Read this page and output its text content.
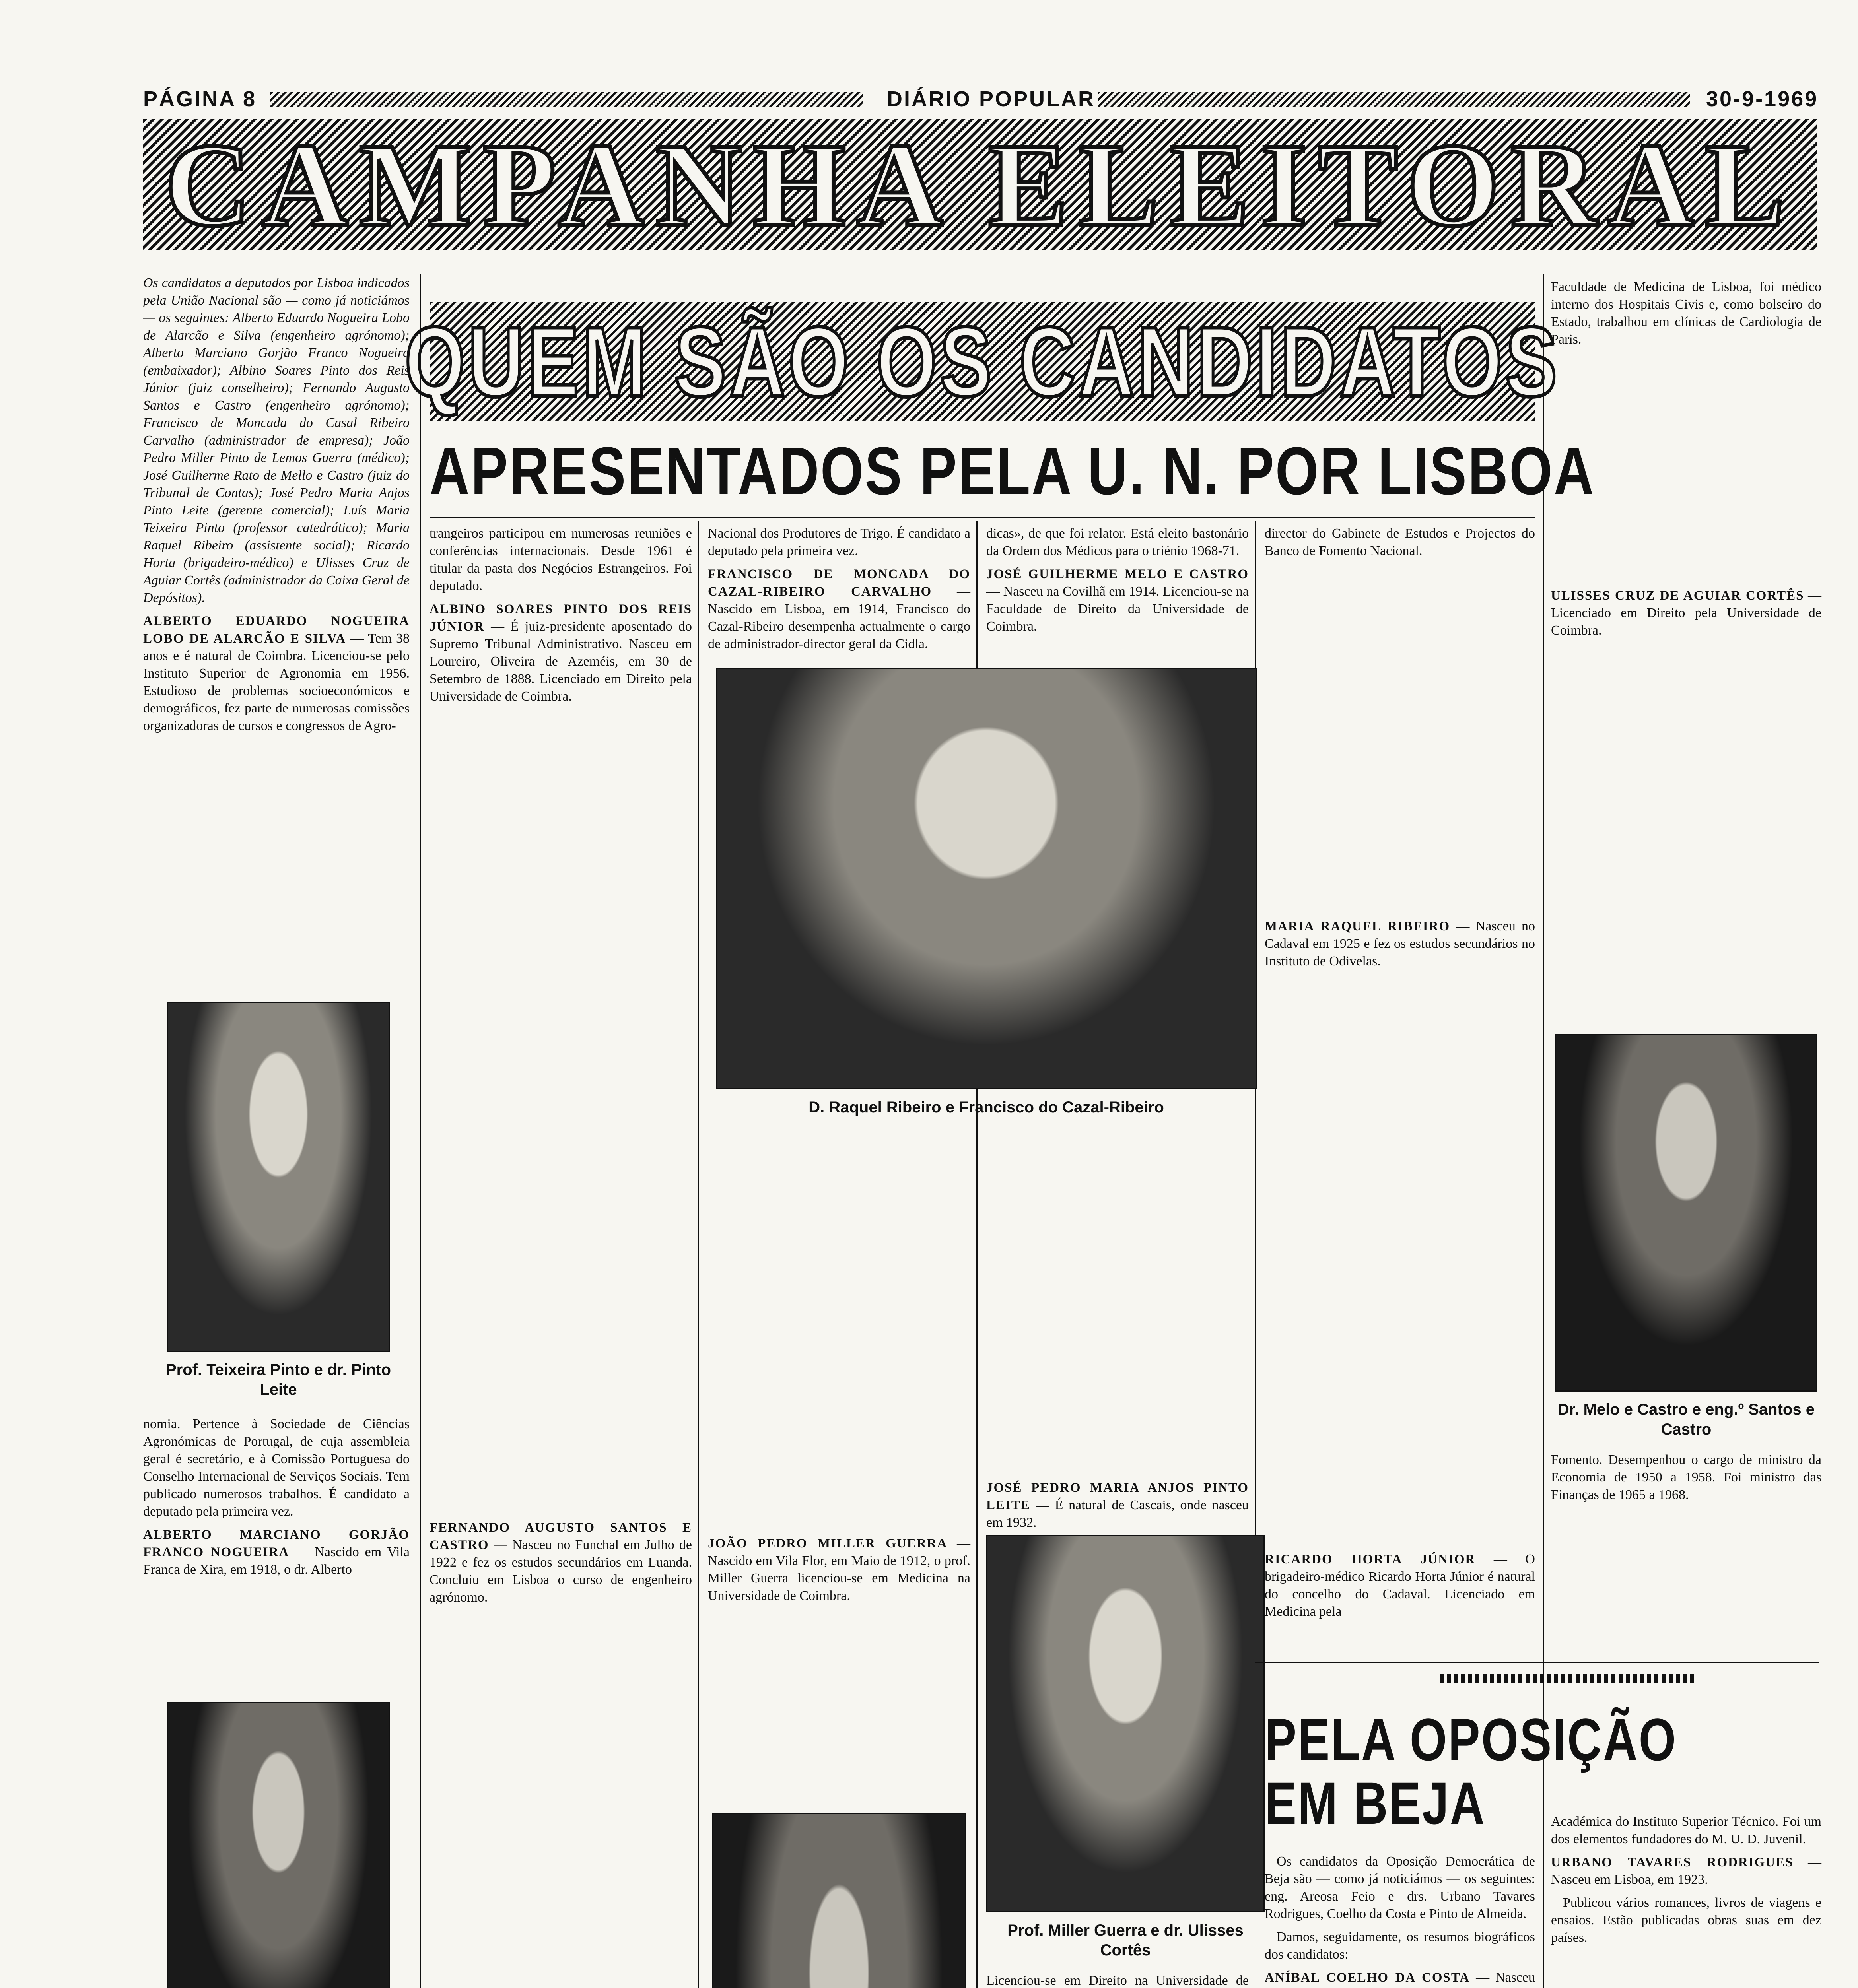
PÁGINA 8	DIÁRIO POPULAR	30-9-1969
CAMPANHA ELEITORAL
QUEM SÃO OS CANDIDATOS
APRESENTADOS PELA U. N. POR LISBOA

Os candidatos a deputados por Lisboa indicados pela União Nacional são — como já noticiámos — os seguintes: Alberto Eduardo Nogueira Lobo de Alarcão e Silva (engenheiro agrónomo); Alberto Marciano Gorjão Franco Nogueira (embaixador); Albino Soares Pinto dos Reis Júnior (juiz conselheiro); Fernando Augusto Santos e Castro (engenheiro agrónomo); Francisco de Moncada do Casal Ribeiro Carvalho (administrador de empresa); João Pedro Miller Pinto de Lemos Guerra (médico); José Guilherme Rato de Mello e Castro (juiz do Tribunal de Contas); José Pedro Maria Anjos Pinto Leite (gerente comercial); Luís Maria Teixeira Pinto (professor catedrático); Maria Raquel Ribeiro (assistente social); Ricardo Horta (brigadeiro-médico) e Ulisses Cruz de Aguiar Cortês (administrador da Caixa Geral de Depósitos).

ALBERTO EDUARDO NOGUEIRA LOBO DE ALARCÃO E SILVA — Tem 38 anos e é natural de Coimbra. Licenciou-se pelo Instituto Superior de Agronomia em 1956. Estudioso de problemas socioeconómicos e demográficos, fez parte de numerosas comissões organizadoras de cursos e congressos de Agro-

Prof. Teixeira Pinto e dr. Pinto Leite

nomia. Pertence à Sociedade de Ciências Agronómicas de Portugal, de cuja assembleia geral é secretário, e à Comissão Portuguesa do Conselho Internacional de Serviços Sociais. Tem publicado numerosos trabalhos. É candidato a deputado pela primeira vez.

ALBERTO MARCIANO GORJÃO FRANCO NOGUEIRA — Nascido em Vila Franca de Xira, em 1918, o dr. Alberto

trangeiros participou em numerosas reuniões e conferências internacionais. Desde 1961 é titular da pasta dos Negócios Estrangeiros. Foi deputado.

ALBINO SOARES PINTO DOS REIS JÚNIOR — É juiz-presidente aposentado do Supremo Tribunal Administrativo. Nasceu em Loureiro, Oliveira de Azeméis, em 30 de Setembro de 1888. Licenciado em Direito pela Universidade de Coimbra.

FERNANDO AUGUSTO SANTOS E CASTRO — Nasceu no Funchal em Julho de 1922 e fez os estudos secundários em Luanda. Concluiu em Lisboa o curso de engenheiro agrónomo.

Nacional dos Produtores de Trigo. É candidato a deputado pela primeira vez.

FRANCISCO DE MONCADA DO CAZAL-RIBEIRO CARVALHO — Nascido em Lisboa, em 1914, Francisco do Cazal-Ribeiro desempenha actualmente o cargo de administrador-director geral da Cidla.

D. Raquel Ribeiro e Francisco do Cazal-Ribeiro

JOÃO PEDRO MILLER GUERRA — Nascido em Vila Flor, em Maio de 1912, o prof. Miller Guerra licenciou-se em Medicina na Universidade de Coimbra.

dicas», de que foi relator. Está eleito bastonário da Ordem dos Médicos para o triénio 1968-71.

JOSÉ GUILHERME MELO E CASTRO — Nasceu na Covilhã em 1914. Licenciou-se na Faculdade de Direito da Universidade de Coimbra.

JOSÉ PEDRO MARIA ANJOS PINTO LEITE — É natural de Cascais, onde nasceu em 1932.

Prof. Miller Guerra e dr. Ulisses Cortês

Licenciou-se em Direito na Universidade de

director do Gabinete de Estudos e Projectos do Banco de Fomento Nacional.

MARIA RAQUEL RIBEIRO — Nasceu no Cadaval em 1925 e fez os estudos secundários no Instituto de Odivelas.

RICARDO HORTA JÚNIOR — O brigadeiro-médico Ricardo Horta Júnior é natural do concelho do Cadaval. Licenciado em Medicina pela

Faculdade de Medicina de Lisboa, foi médico interno dos Hospitais Civis e, como bolseiro do Estado, trabalhou em clínicas de Cardiologia de Paris.

ULISSES CRUZ DE AGUIAR CORTÊS — Licenciado em Direito pela Universidade de Coimbra.

Dr. Melo e Castro e eng.º Santos e Castro

Fomento. Desempenhou o cargo de ministro da Economia de 1950 a 1958. Foi ministro das Finanças de 1965 a 1968.

PELA OPOSIÇÃO
EM BEJA

Os candidatos da Oposição Democrática de Beja são — como já noticiámos — os seguintes: eng. Areosa Feio e drs. Urbano Tavares Rodrigues, Coelho da Costa e Pinto de Almeida.

Damos, seguidamente, os resumos biográficos dos candidatos:

ANÍBAL COELHO DA COSTA — Nasceu

Académica do Instituto Superior Técnico. Foi um dos elementos fundadores do M. U. D. Juvenil.

URBANO TAVARES RODRIGUES — Nasceu em Lisboa, em 1923.

Publicou vários romances, livros de viagens e ensaios. Estão publicadas obras suas em dez países.
